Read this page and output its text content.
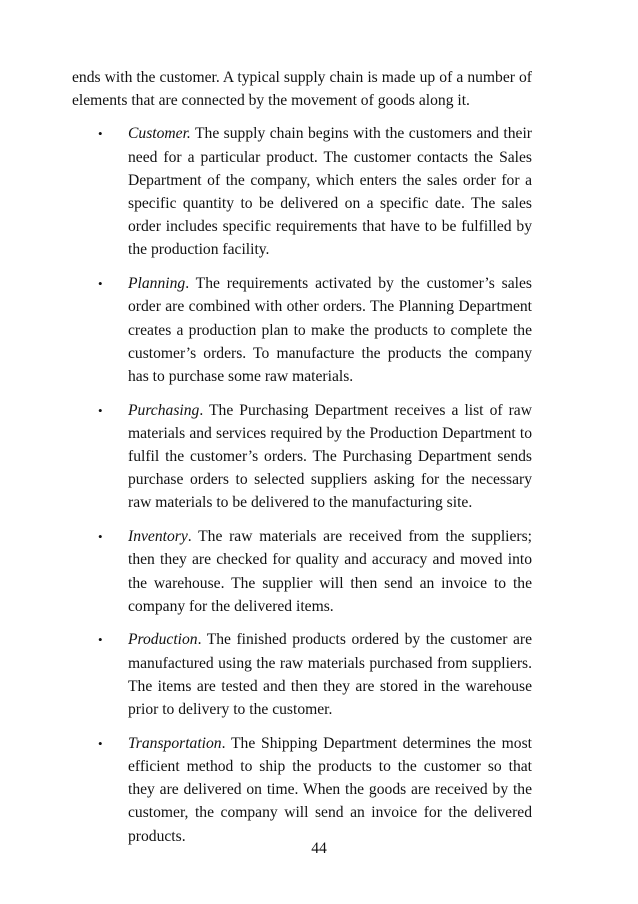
ends with the customer. A typical supply chain is made up of a number of elements that are connected by the movement of goods along it.

• Customer. The supply chain begins with the customers and their need for a particular product. The customer contacts the Sales Department of the company, which enters the sales order for a specific quantity to be delivered on a specific date. The sales order includes specific requirements that have to be fulfilled by the production facility.
• Planning. The requirements activated by the customer’s sales order are combined with other orders. The Planning Department creates a production plan to make the products to complete the customer’s orders. To manufacture the products the company has to purchase some raw materials.
• Purchasing. The Purchasing Department receives a list of raw materials and services required by the Production Department to fulfil the customer’s orders. The Purchasing Department sends purchase orders to selected suppliers asking for the necessary raw materials to be delivered to the manufacturing site.
• Inventory. The raw materials are received from the suppliers; then they are checked for quality and accuracy and moved into the warehouse. The supplier will then send an invoice to the company for the delivered items.
• Production. The finished products ordered by the customer are manufactured using the raw materials purchased from suppliers. The items are tested and then they are stored in the warehouse prior to delivery to the customer.
• Transportation. The Shipping Department determines the most efficient method to ship the products to the customer so that they are delivered on time. When the goods are received by the customer, the company will send an invoice for the delivered products.
44
